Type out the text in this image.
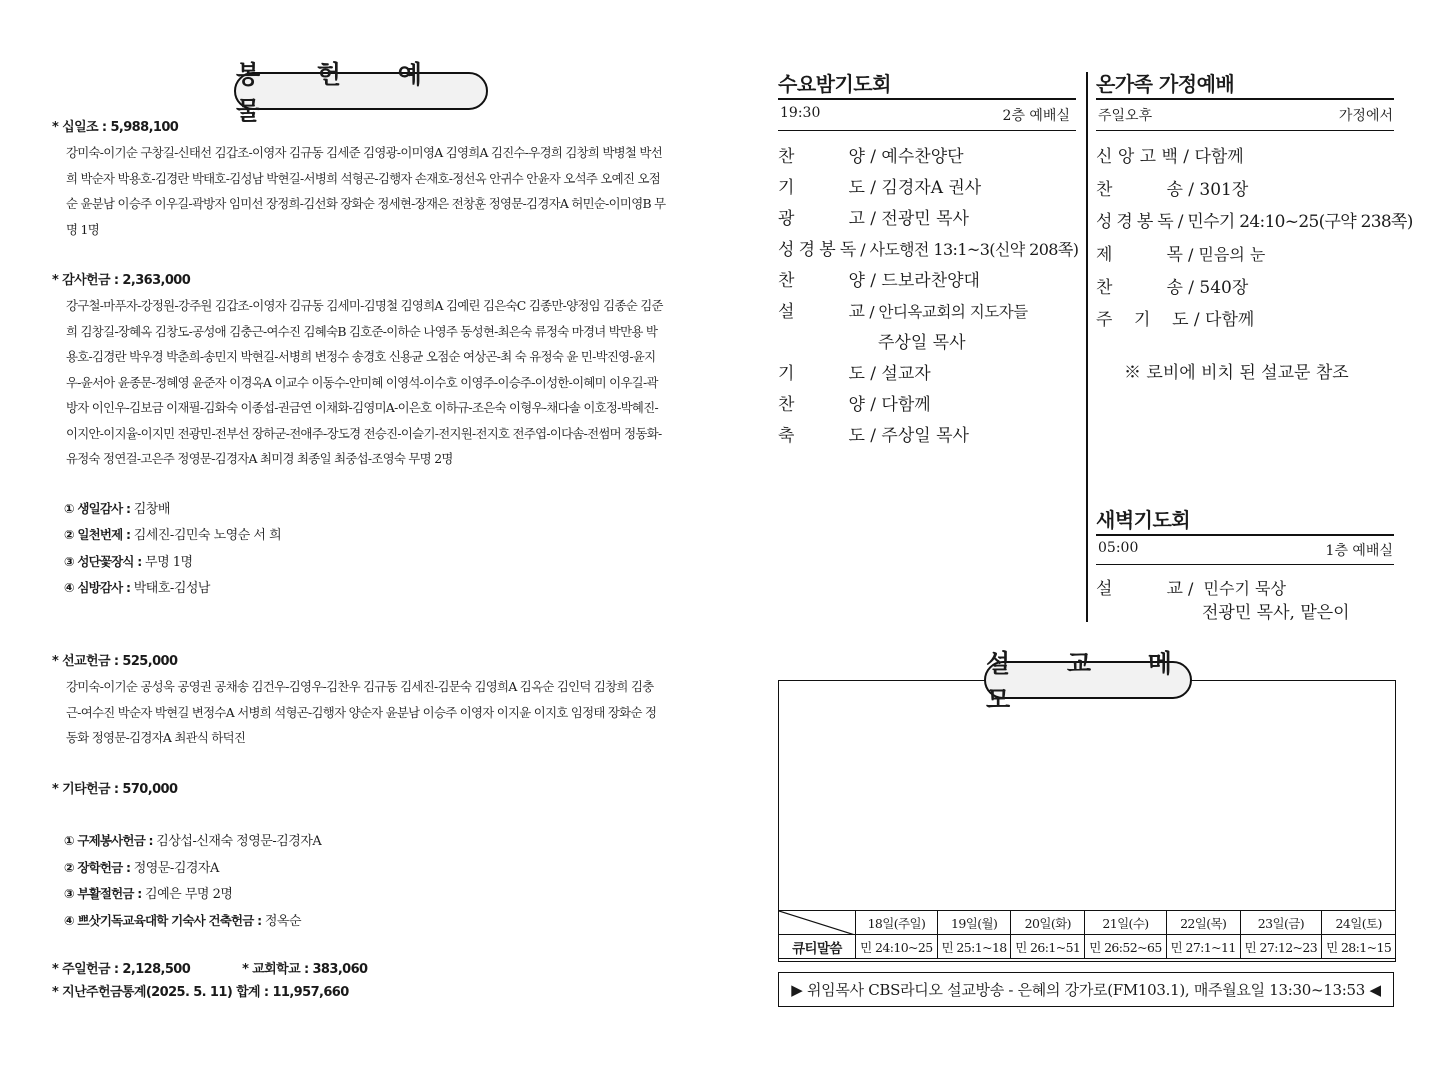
봉 헌 예 물

* 십일조 : 5,988,100

강미숙-이기순 구창길-신태선 김갑조-이영자 김규동 김세준 김영광-이미영A 김영희A 김진수-우경희 김창희 박병철 박선희 박순자 박용호-김경란 박태호-김성남 박현길-서병희 석형곤-김행자 손재호-정선옥 안귀수 안윤자 오석주 오예진 오점순 윤분남 이승주 이우길-곽방자 임미선 장정희-김선화 장화순 정세현-장재은 전창훈 정영문-김경자A 허민순-이미영B 무명 1명

* 감사헌금 : 2,363,000

강구철-마푸자-강정원-강주원 김갑조-이영자 김규동 김세미-김명철 김영희A 김예린 김은숙C 김종만-양정임 김종순 김준희 김창길-장혜옥 김창도-공성애 김충근-여수진 김혜숙B 김호준-이하순 나영주 동성현-최은숙 류정숙 마경녀 박만용 박용호-김경란 박우경 박춘희-송민지 박현길-서병희 변정수 송경호 신용균 오점순 여상곤-최 숙 유정숙 윤 민-박진영-윤지우-윤서아 윤종문-정혜영 윤준자 이경옥A 이교수 이동수-안미혜 이영석-이수호 이영주-이승주-이성한-이혜미 이우길-곽방자 이인우-김보금 이재필-김화숙 이종섭-권금연 이채화-김영미A-이은호 이하규-조은숙 이형우-채다솔 이호정-박혜진-이지안-이지율-이지민 전광민-전부선 장하군-전애주-장도경 전승진-이슬기-전지원-전지호 전주엽-이다솜-전썸머 정동화-유정숙 정연걸-고은주 정영문-김경자A 최미경 최종일 최중섭-조영숙 무명 2명

① 생일감사 : 김창배
② 일천번제 : 김세진-김민숙 노영순 서 희
③ 성단꽃장식 : 무명 1명
④ 심방감사 : 박태호-김성남

* 선교헌금 : 525,000

강미숙-이기순 공성욱 공영권 공채송 김건우-김영우-김찬우 김규동 김세진-김문숙 김영희A 김옥순 김인덕 김창희 김충근-여수진 박순자 박현길 변정수A 서병희 석형곤-김행자 양순자 윤분남 이승주 이영자 이지윤 이지호 임정태 장화순 정동화 정영문-김경자A 최관식 하덕진

* 기타헌금 : 570,000

① 구제봉사헌금 : 김상섭-신재숙 정영문-김경자A
② 장학헌금 : 정영문-김경자A
③ 부활절헌금 : 김예은 무명 2명
④ 쁘삿기독교육대학 기숙사 건축헌금 : 정옥순

* 주일헌금 : 2,128,500	* 교회학교 : 383,060

* 지난주헌금통계(2025. 5. 11) 합계 : 11,957,660

수요밤기도회
19:30	2층 예배실
찬          양 / 예수찬양단
기          도 / 김경자A 권사
광          고 / 전광민 목사
성 경 봉 독 / 사도행전 13:1~3(신약 208쪽)
찬          양 / 드보라찬양대
설          교 / 안디옥교회의 지도자들
주상일 목사
기          도 / 설교자
찬          양 / 다함께
축          도 / 주상일 목사
온가족 가정예배
주일오후	가정에서
신 앙 고 백 / 다함께
찬          송 / 301장
성 경 봉 독 / 민수기 24:10~25(구약 238쪽)
제          목 / 믿음의 눈
찬          송 / 540장
주    기    도 / 다함께
※ 로비에 비치 된 설교문 참조
새벽기도회
05:00	1층 예배실
설          교 /  민수기 묵상
전광민 목사, 맡은이
설 교 메 모
	18일(주일)	19일(월)	20일(화)	21일(수)	22일(목)	23일(금)	24일(토)
큐티말씀	민 24:10~25	민 25:1~18	민 26:1~51	민 26:52~65	민 27:1~11	민 27:12~23	민 28:1~15
▶ 위임목사 CBS라디오 설교방송 - 은혜의 강가로(FM103.1), 매주월요일 13:30~13:53 ◀
